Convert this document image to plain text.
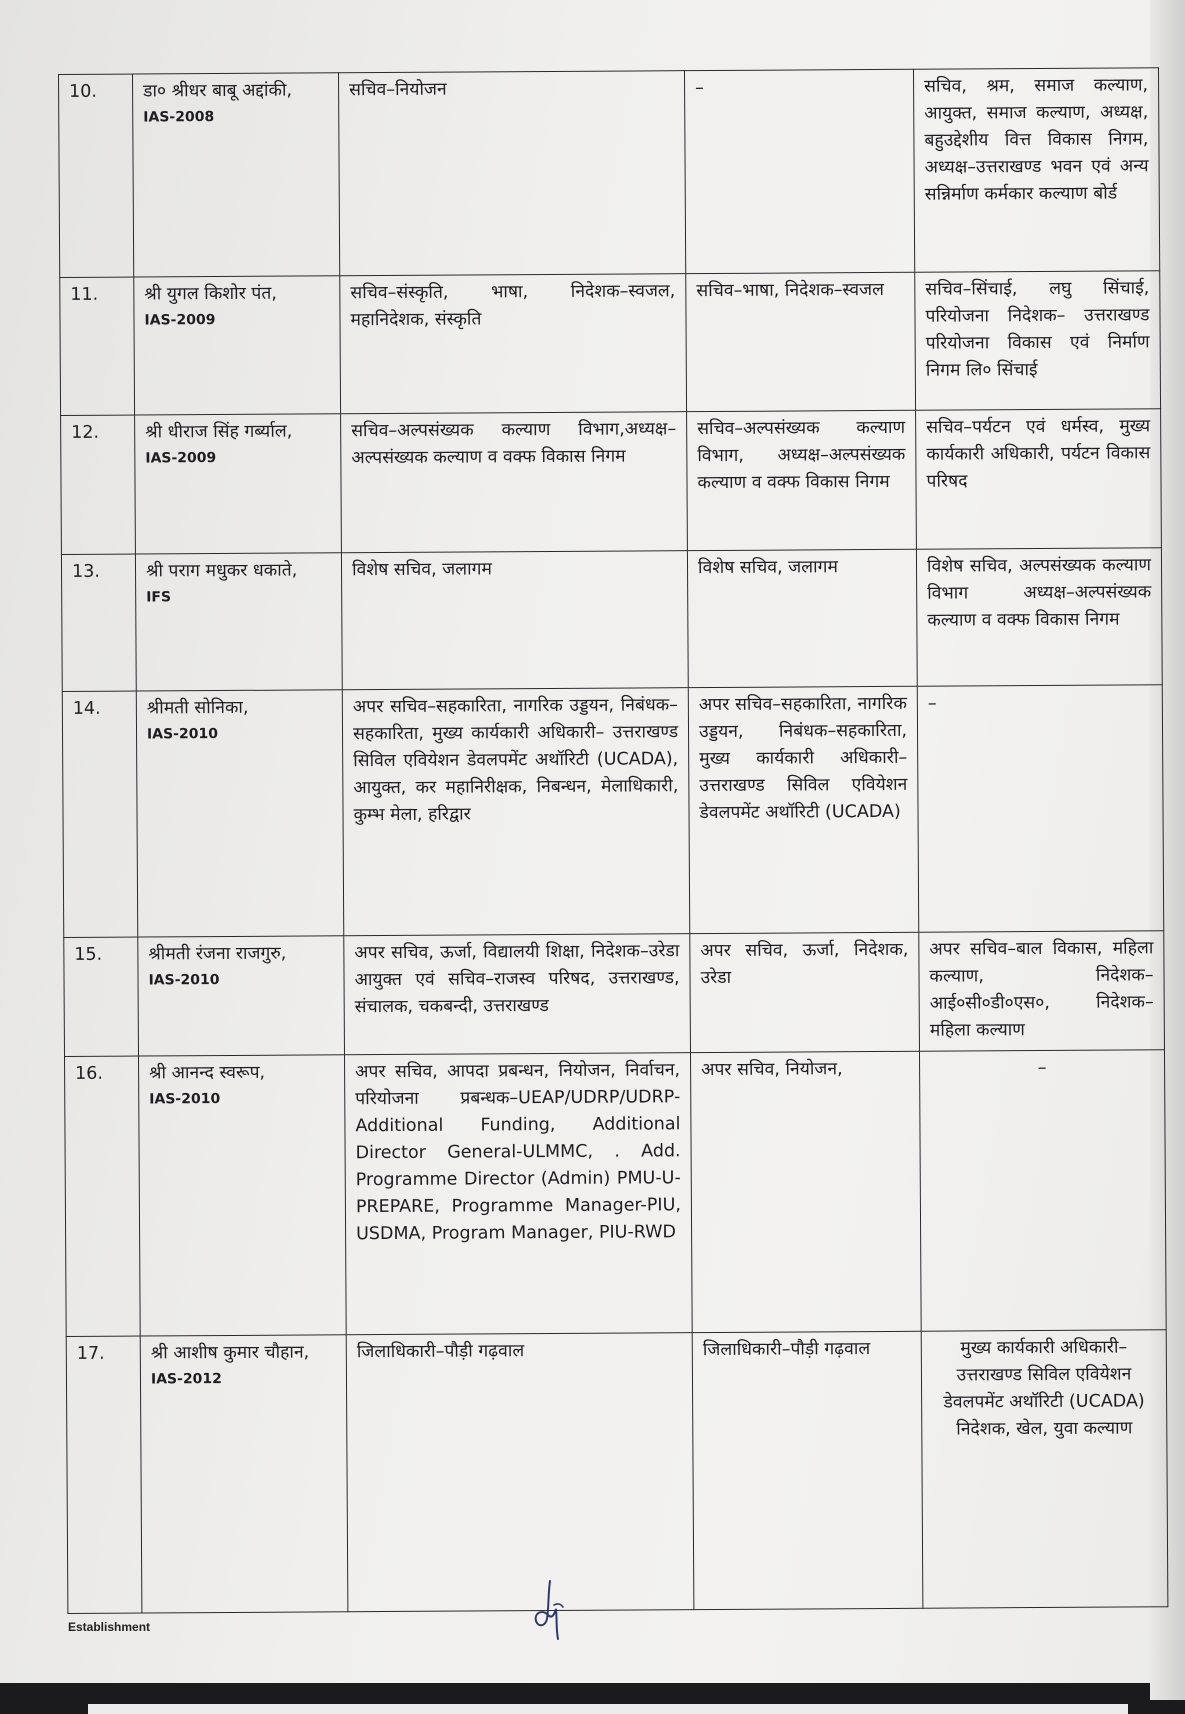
10.	डा० श्रीधर बाबू अद्दांकी,
IAS-2008	सचिव–नियोजन	–	सचिव, श्रम, समाज कल्याण, आयुक्त, समाज कल्याण, अध्यक्ष, बहुउद्देशीय वित्त विकास निगम, अध्यक्ष–उत्तराखण्ड भवन एवं अन्य सन्निर्माण कर्मकार कल्याण बोर्ड
11.	श्री युगल किशोर पंत,
IAS-2009	सचिव–संस्कृति, भाषा, निदेशक–स्वजल, महानिदेशक, संस्कृति	सचिव–भाषा, निदेशक–स्वजल	सचिव–सिंचाई, लघु सिंचाई, परियोजना निदेशक– उत्तराखण्ड परियोजना विकास एवं निर्माण निगम लि० सिंचाई
12.	श्री धीराज सिंह गर्ब्याल,
IAS-2009	सचिव–अल्पसंख्यक कल्याण विभाग,अध्यक्ष–अल्पसंख्यक कल्याण व वक्फ विकास निगम	सचिव–अल्पसंख्यक कल्याण विभाग, अध्यक्ष–अल्पसंख्यक कल्याण व वक्फ विकास निगम	सचिव–पर्यटन एवं धर्मस्व, मुख्य कार्यकारी अधिकारी, पर्यटन विकास परिषद
13.	श्री पराग मधुकर धकाते,
IFS	विशेष सचिव, जलागम	विशेष सचिव, जलागम	विशेष सचिव, अल्पसंख्यक कल्याण विभाग अध्यक्ष–अल्पसंख्यक कल्याण व वक्फ विकास निगम
14.	श्रीमती सोनिका,
IAS-2010	अपर सचिव–सहकारिता, नागरिक उड्डयन, निबंधक–सहकारिता, मुख्य कार्यकारी अधिकारी– उत्तराखण्ड सिविल एवियेशन डेवलपमेंट अथॉरिटी (UCADA), आयुक्त, कर महानिरीक्षक, निबन्धन, मेलाधिकारी, कुम्भ मेला, हरिद्वार	अपर सचिव–सहकारिता, नागरिक उड्डयन, निबंधक–सहकारिता, मुख्य कार्यकारी अधिकारी–उत्तराखण्ड सिविल एवियेशन डेवलपमेंट अथॉरिटी (UCADA)	–
15.	श्रीमती रंजना राजगुरु,
IAS-2010	अपर सचिव, ऊर्जा, विद्यालयी शिक्षा, निदेशक–उरेडा आयुक्त एवं सचिव–राजस्व परिषद, उत्तराखण्ड, संचालक, चकबन्दी, उत्तराखण्ड	अपर सचिव, ऊर्जा, निदेशक, उरेडा	अपर सचिव–बाल विकास, महिला कल्याण, निदेशक–आई०सी०डी०एस०, निदेशक–महिला कल्याण
16.	श्री आनन्द स्वरूप,
IAS-2010	अपर सचिव, आपदा प्रबन्धन, नियोजन, निर्वाचन, परियोजना प्रबन्धक–UEAP/UDRP/UDRP-Additional Funding, Additional Director General-ULMMC, . Add. Programme Director (Admin) PMU-U-PREPARE, Programme Manager-PIU, USDMA, Program Manager, PIU-RWD	अपर सचिव, नियोजन,	–
17.	श्री आशीष कुमार चौहान,
IAS-2012	जिलाधिकारी–पौड़ी गढ़वाल	जिलाधिकारी–पौड़ी गढ़वाल	मुख्य कार्यकारी अधिकारी– उत्तराखण्ड सिविल एवियेशन डेवलपमेंट अथॉरिटी (UCADA) निदेशक, खेल, युवा कल्याण
Establishment
